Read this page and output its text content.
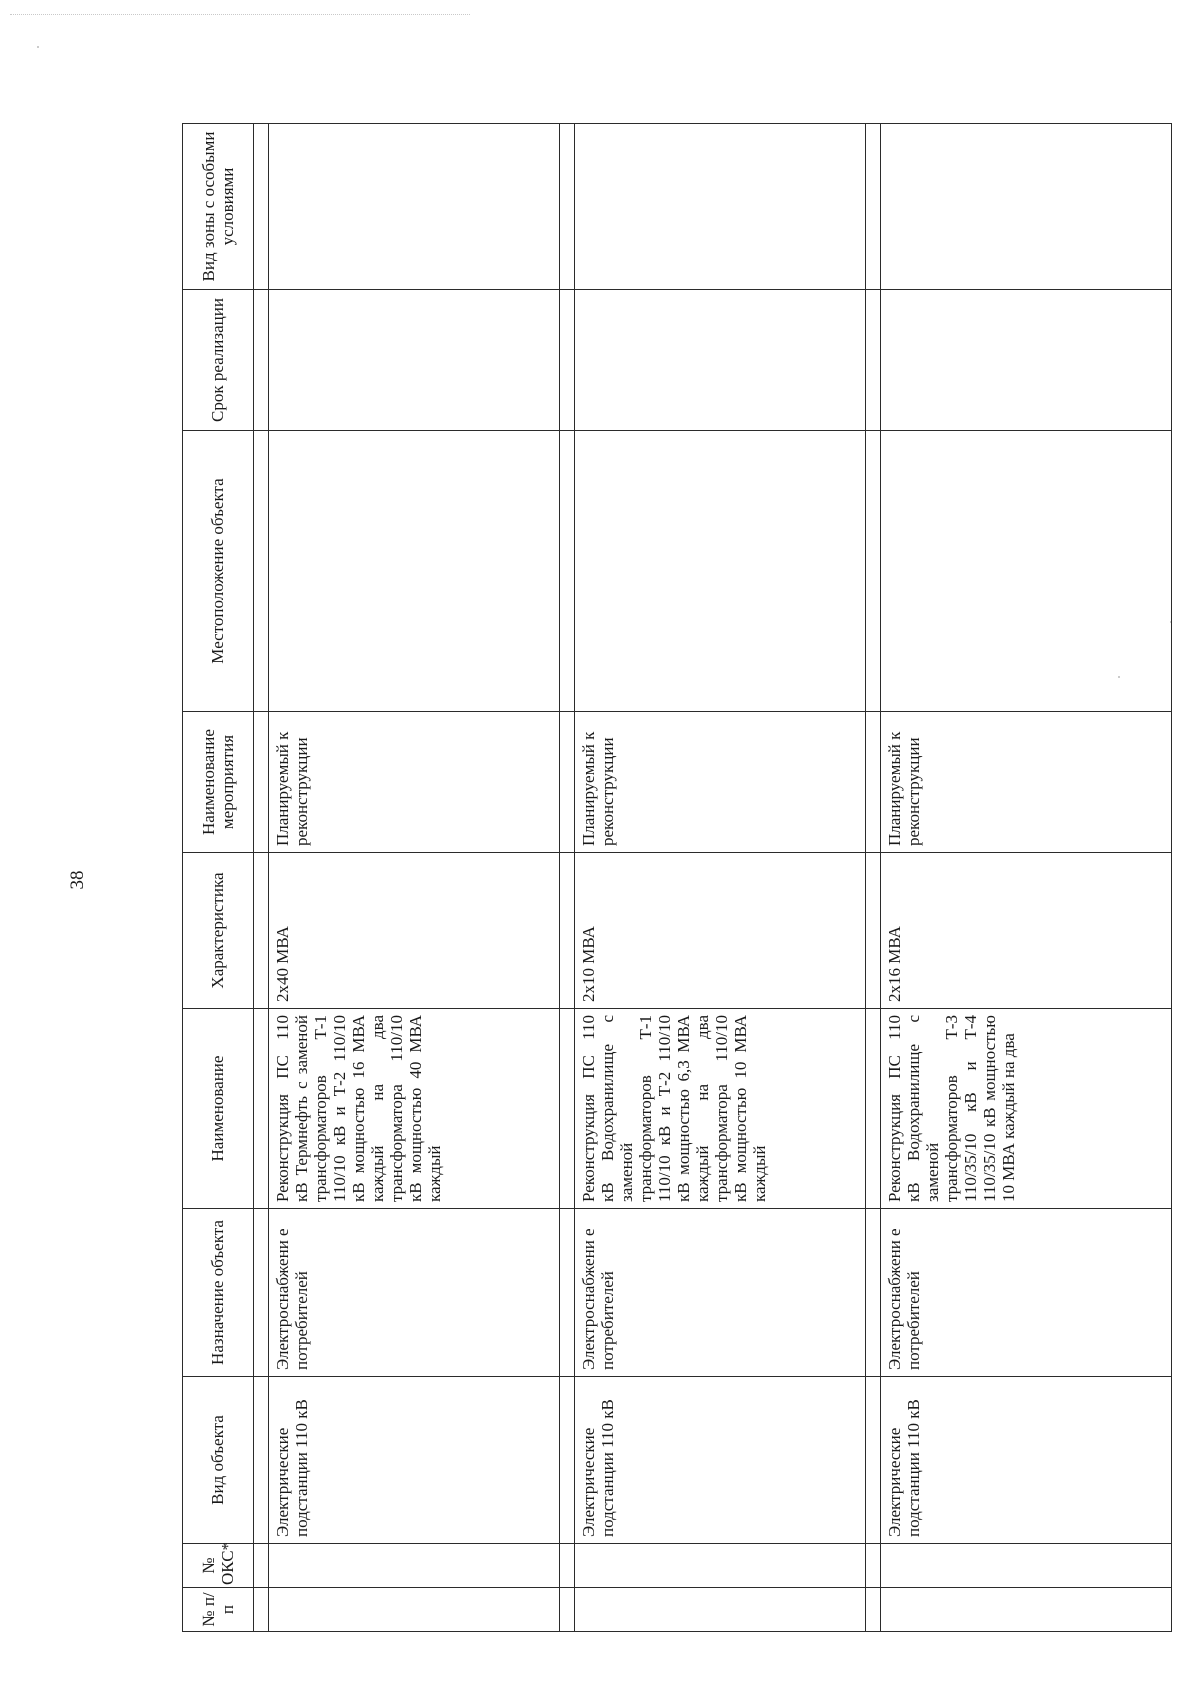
38
№ п/п	№ ОКС*	Вид объекта	Назначение объекта	Наименование	Характеристика	Наименование мероприятия	Местоположение объекта	Срок реализации	Вид зоны с особыми условиями

		Электрические подстанции 110 кВ	Электроснабжени е потребителей	Реконструкция ПС 110 кВ Термнефть с заменой трансформаторов Т-1 110/10 кВ и Т-2 110/10 кВ мощностью 16 МВА каждый на два трансформатора 110/10 кВ мощностью 40 МВА каждый	2x40 МВА	Планируемый к реконструкции			

		Электрические подстанции 110 кВ	Электроснабжени е потребителей	Реконструкция ПС 110 кВ Водохранилище с заменой трансформаторов Т-1 110/10 кВ и Т-2 110/10 кВ мощностью 6,3 МВА каждый на два трансформатора 110/10 кВ мощностью 10 МВА каждый	2x10 МВА	Планируемый к реконструкции			

		Электрические подстанции 110 кВ	Электроснабжени е потребителей	Реконструкция ПС 110 кВ Водохранилище с заменой трансформаторов Т-3 110/35/10 кВ и Т-4 110/35/10 кВ мощностью 10 МВА каждый на два	2x16 МВА	Планируемый к реконструкции			
